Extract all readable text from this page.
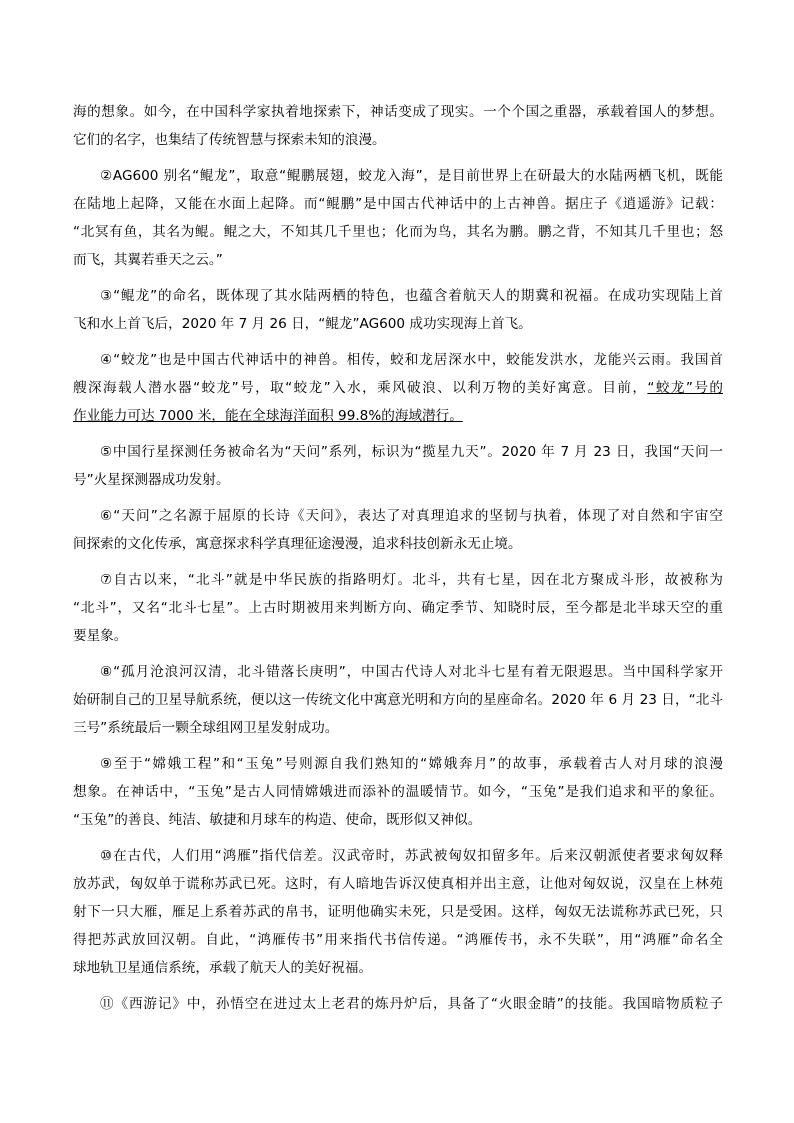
海的想象。如今，在中国科学家执着地探索下，神话变成了现实。一个个国之重器，承载着国人的梦想。
它们的名字，也集结了传统智慧与探索未知的浪漫。
②AG600 别名“鲲龙”，取意“鲲鹏展翅，蛟龙入海”，是目前世界上在研最大的水陆两栖飞机，既能
在陆地上起降，又能在水面上起降。而“鲲鹏”是中国古代神话中的上古神兽。据庄子《逍遥游》记载：
“北冥有鱼，其名为鲲。鲲之大，不知其几千里也；化而为鸟，其名为鹏。鹏之背，不知其几千里也；怒
而飞，其翼若垂天之云。”
③“鲲龙”的命名，既体现了其水陆两栖的特色，也蕴含着航天人的期冀和祝福。在成功实现陆上首
飞和水上首飞后，2020 年 7 月 26 日，“鲲龙”AG600 成功实现海上首飞。
④“蛟龙”也是中国古代神话中的神兽。相传，蛟和龙居深水中，蛟能发洪水，龙能兴云雨。我国首
艘深海载人潜水器“蛟龙”号，取“蛟龙”入水，乘风破浪、以利万物的美好寓意。目前，“蛟龙”号的
作业能力可达 7000 米，能在全球海洋面积 99.8%的海域潜行。
⑤中国行星探测任务被命名为“天问”系列，标识为“揽星九天”。2020 年 7 月 23 日，我国“天问一
号”火星探测器成功发射。
⑥“天问”之名源于屈原的长诗《天问》，表达了对真理追求的坚韧与执着，体现了对自然和宇宙空
间探索的文化传承，寓意探求科学真理征途漫漫，追求科技创新永无止境。
⑦自古以来，“北斗”就是中华民族的指路明灯。北斗，共有七星，因在北方聚成斗形，故被称为
“北斗”，又名“北斗七星”。上古时期被用来判断方向、确定季节、知晓时辰，至今都是北半球天空的重
要星象。
⑧“孤月沧浪河汉清，北斗错落长庚明”，中国古代诗人对北斗七星有着无限遐思。当中国科学家开
始研制自己的卫星导航系统，便以这一传统文化中寓意光明和方向的星座命名。2020 年 6 月 23 日，“北斗
三号”系统最后一颗全球组网卫星发射成功。
⑨至于“嫦娥工程”和“玉兔”号则源自我们熟知的“嫦娥奔月”的故事，承载着古人对月球的浪漫
想象。在神话中，“玉兔”是古人同情嫦娥进而添补的温暖情节。如今，“玉兔”是我们追求和平的象征。
“玉兔”的善良、纯洁、敏捷和月球车的构造、使命，既形似又神似。
⑩在古代，人们用“鸿雁”指代信差。汉武帝时，苏武被匈奴扣留多年。后来汉朝派使者要求匈奴释
放苏武，匈奴单于谎称苏武已死。这时，有人暗地告诉汉使真相并出主意，让他对匈奴说，汉皇在上林苑
射下一只大雁，雁足上系着苏武的帛书，证明他确实未死，只是受困。这样，匈奴无法谎称苏武已死，只
得把苏武放回汉朝。自此，“鸿雁传书”用来指代书信传递。“鸿雁传书，永不失联”，用“鸿雁”命名全
球地轨卫星通信系统，承载了航天人的美好祝福。
⑪《西游记》中，孙悟空在进过太上老君的炼丹炉后，具备了“火眼金睛”的技能。我国暗物质粒子
